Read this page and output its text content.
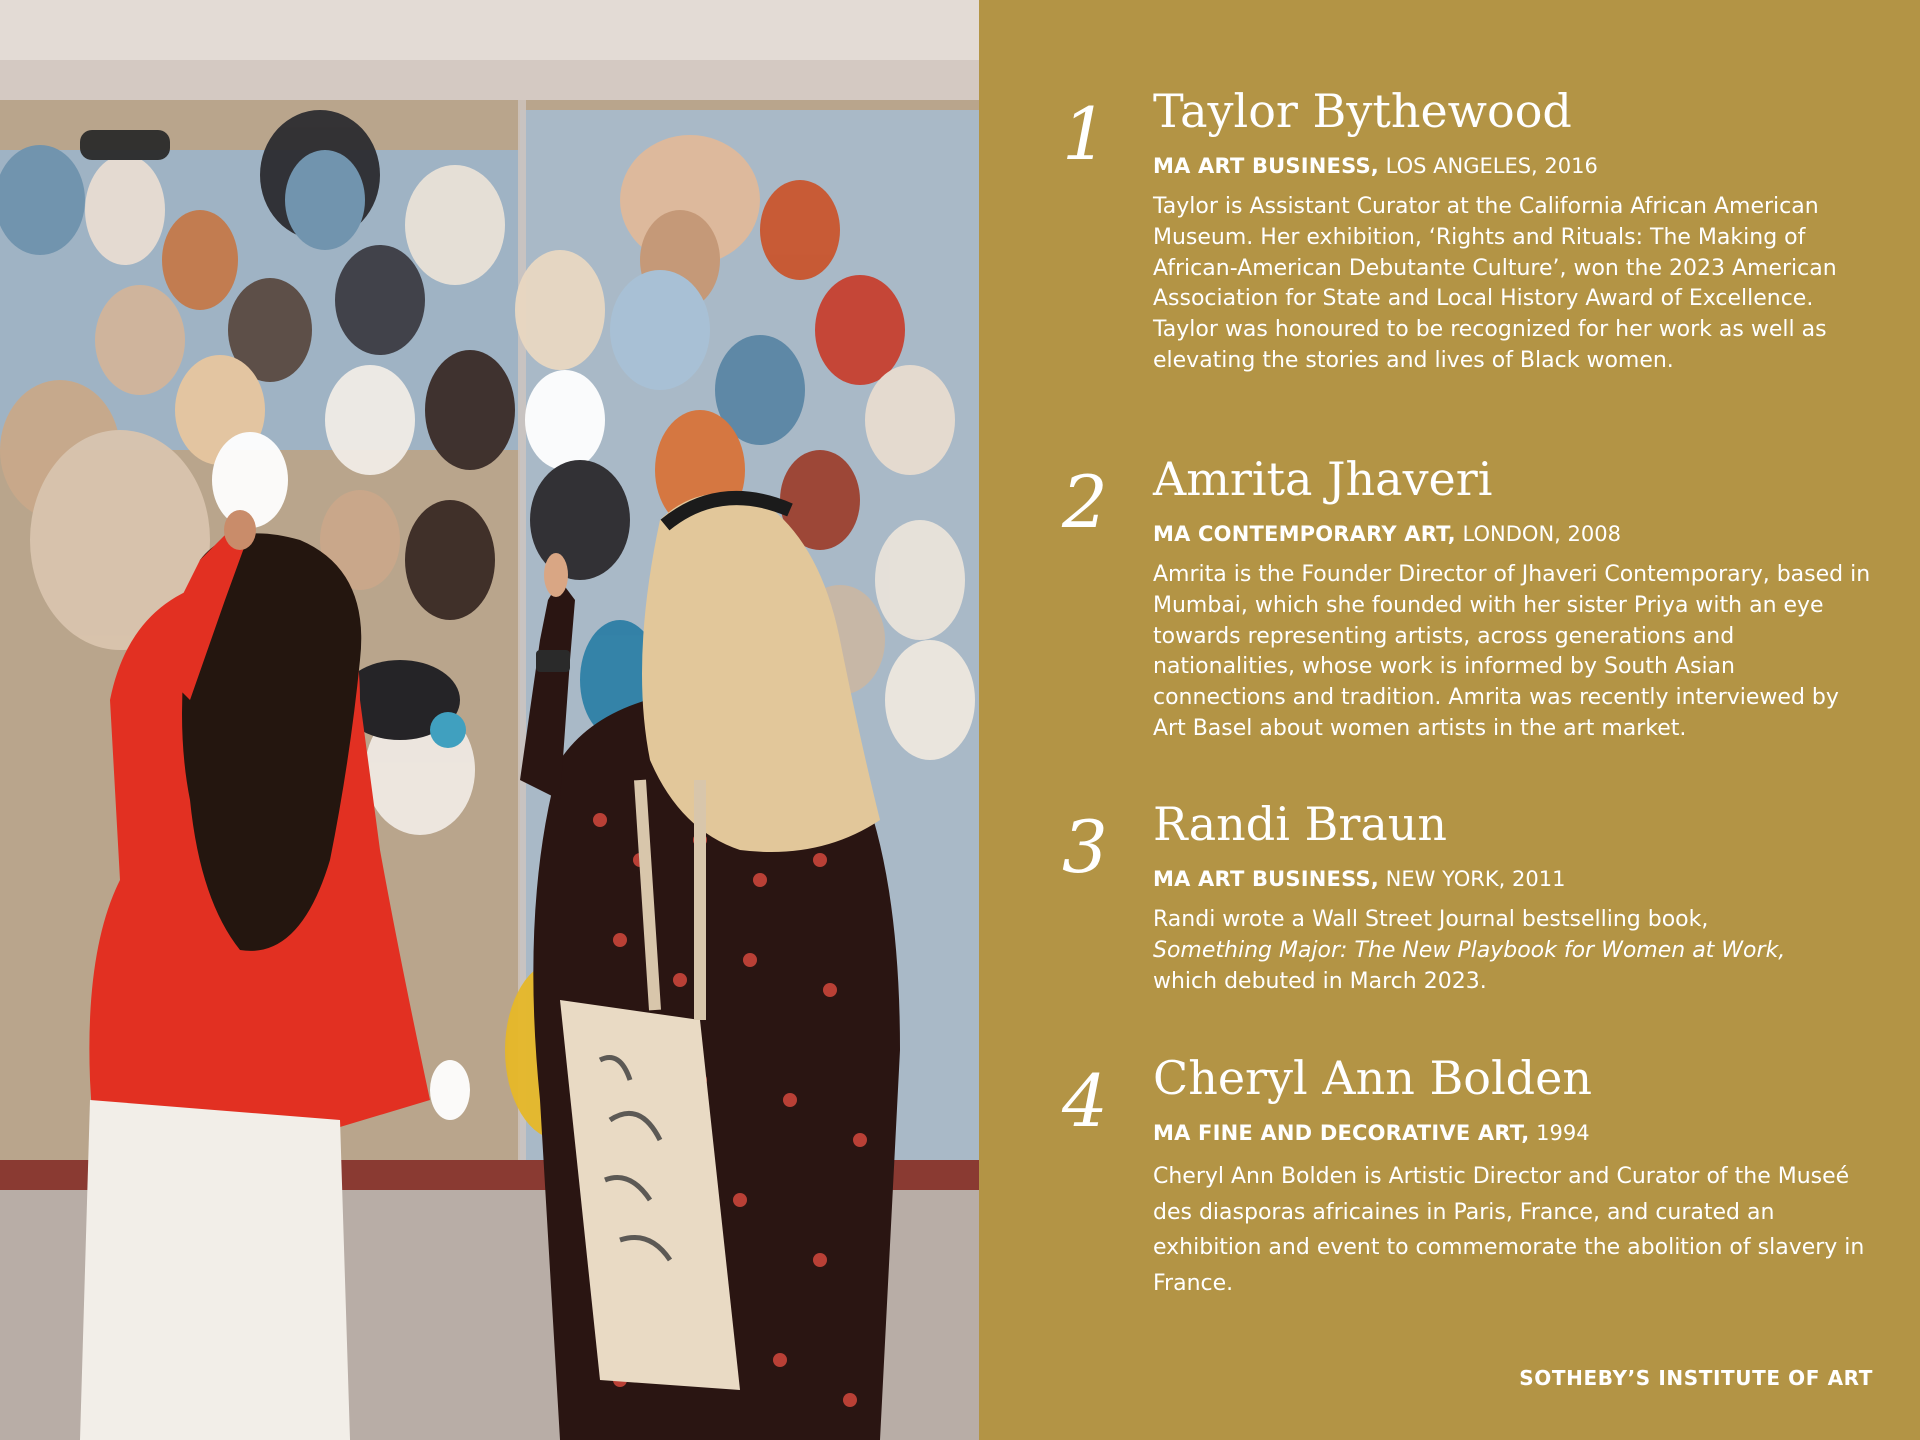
1 Taylor Bythewood
MA ART BUSINESS, LOS ANGELES, 2016

Taylor is Assistant Curator at the California African American Museum. Her exhibition, ‘Rights and Rituals: The Making of African-American Debutante Culture’, won the 2023 American Association for State and Local History Award of Excellence. Taylor was honoured to be recognized for her work as well as elevating the stories and lives of Black women.

2 Amrita Jhaveri
MA CONTEMPORARY ART, LONDON, 2008

Amrita is the Founder Director of Jhaveri Contemporary, based in Mumbai, which she founded with her sister Priya with an eye towards representing artists, across generations and nationalities, whose work is informed by South Asian connections and tradition. Amrita was recently interviewed by Art Basel about women artists in the art market.

3 Randi Braun
MA ART BUSINESS, NEW YORK, 2011

Randi wrote a Wall Street Journal bestselling book,

Something Major: The New Playbook for Women at Work,

which debuted in March 2023.

4 Cheryl Ann Bolden
MA FINE AND DECORATIVE ART, 1994

Cheryl Ann Bolden is Artistic Director and Curator of the Museé des diasporas africaines in Paris, France, and curated an exhibition and event to commemorate the abolition of slavery in France.

SOTHEBY’S INSTITUTE OF ART
